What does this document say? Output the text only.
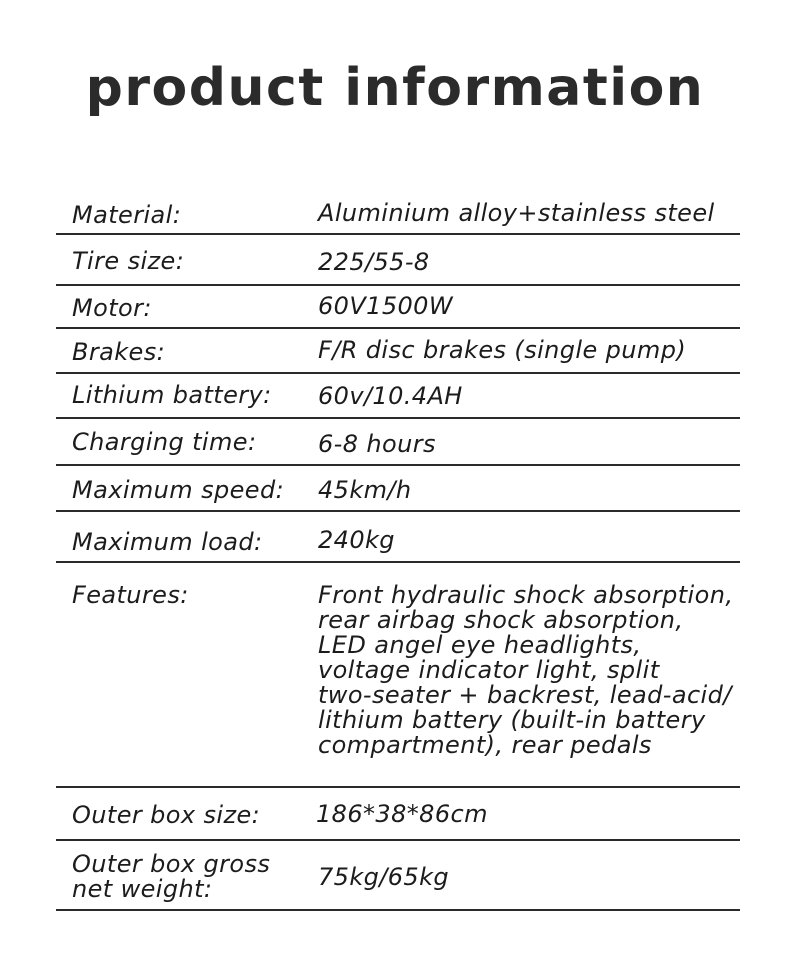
product information
Material:	Aluminium alloy+stainless steel
Tire size:	225/55-8
Motor:	60V1500W
Brakes:	F/R disc brakes (single pump)
Lithium battery:	60v/10.4AH
Charging time:	6-8 hours
Maximum speed:	45km/h
Maximum load:	240kg
Features:	Front hydraulic shock absorption,
rear airbag shock absorption,
LED angel eye headlights,
voltage indicator light, split
two-seater + backrest, lead-acid/
lithium battery (built-in battery
compartment), rear pedals
Outer box size:	186*38*86cm
Outer box gross
net weight:	75kg/65kg
